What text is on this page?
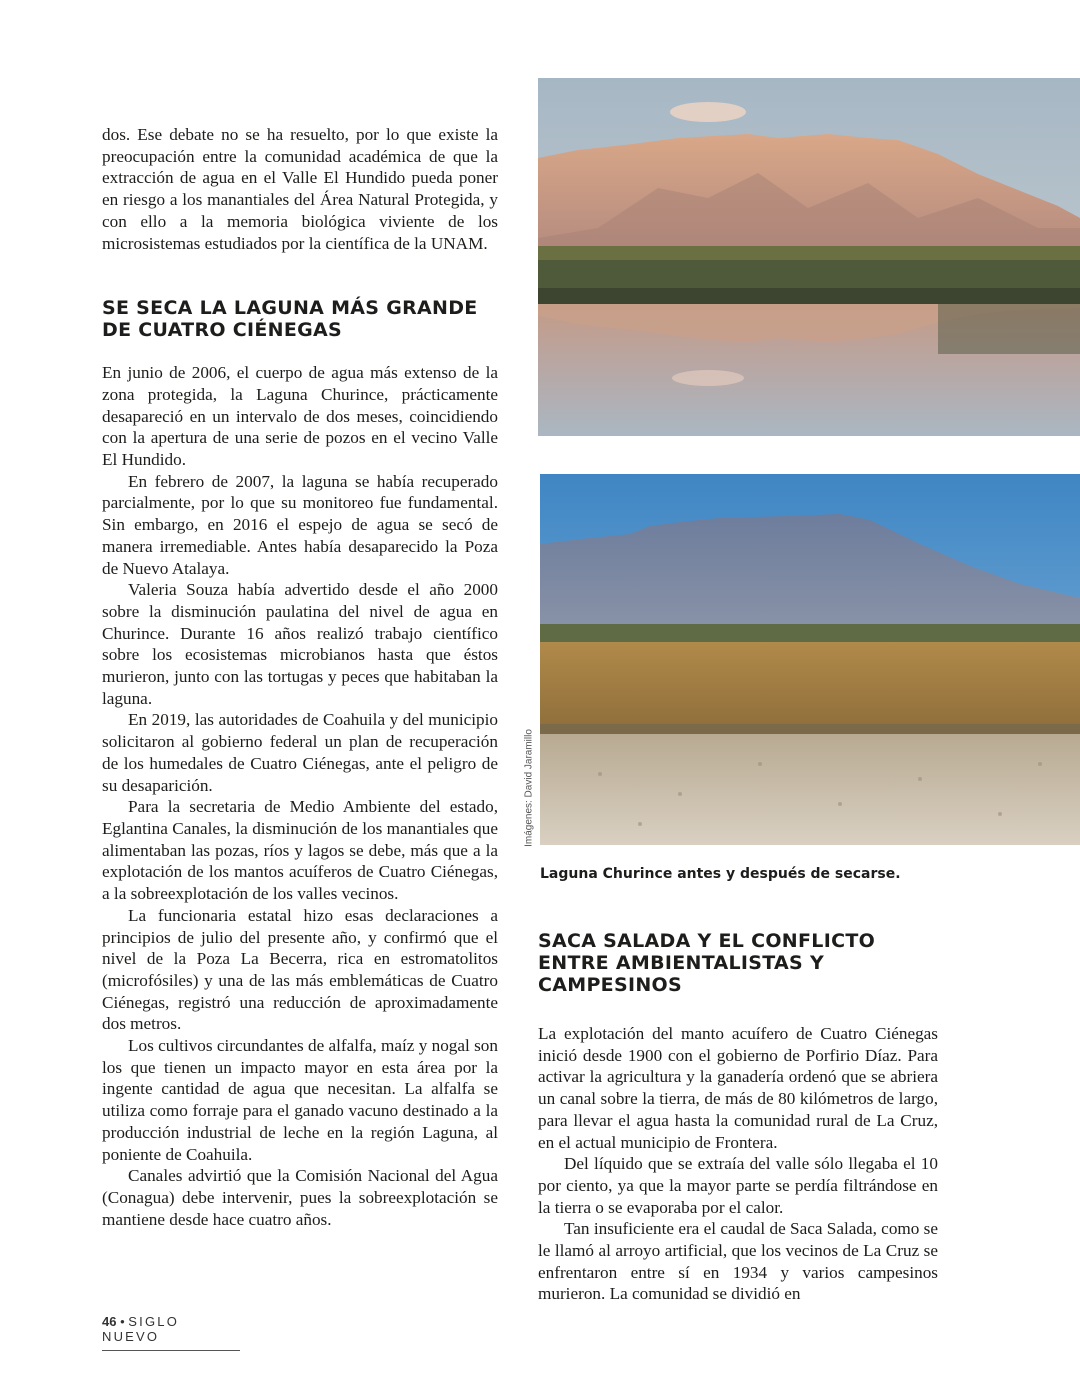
dos. Ese debate no se ha resuelto, por lo que existe la preocupación entre la comunidad académica de que la extracción de agua en el Valle El Hundido pueda poner en riesgo a los manantiales del Área Natural Protegida, y con ello a la memoria biológica viviente de los microsistemas estudiados por la científica de la UNAM.

SE SECA LA LAGUNA MÁS GRANDE DE CUATRO CIÉNEGAS

En junio de 2006, el cuerpo de agua más extenso de la zona protegida, la Laguna Churince, prácticamente desapareció en un intervalo de dos meses, coincidiendo con la apertura de una serie de pozos en el vecino Valle El Hundido.

En febrero de 2007, la laguna se había recuperado parcialmente, por lo que su monitoreo fue fundamental. Sin embargo, en 2016 el espejo de agua se secó de manera irremediable. Antes había desaparecido la Poza de Nuevo Atalaya.

Valeria Souza había advertido desde el año 2000 sobre la disminución paulatina del nivel de agua en Churince. Durante 16 años realizó trabajo científico sobre los ecosistemas microbianos hasta que éstos murieron, junto con las tortugas y peces que habitaban la laguna.

En 2019, las autoridades de Coahuila y del municipio solicitaron al gobierno federal un plan de recuperación de los humedales de Cuatro Ciénegas, ante el peligro de su desaparición.

Para la secretaria de Medio Ambiente del estado, Eglantina Canales, la disminución de los manantiales que alimentaban las pozas, ríos y lagos se debe, más que a la explotación de los mantos acuíferos de Cuatro Ciénegas, a la sobreexplotación de los valles vecinos.

La funcionaria estatal hizo esas declaraciones a principios de julio del presente año, y confirmó que el nivel de la Poza La Becerra, rica en estromatolitos (microfósiles) y una de las más emblemáticas de Cuatro Ciénegas, registró una reducción de aproximadamente dos metros.

Los cultivos circundantes de alfalfa, maíz y nogal son los que tienen un impacto mayor en esta área por la ingente cantidad de agua que necesitan. La alfalfa se utiliza como forraje para el ganado vacuno destinado a la producción industrial de leche en la región Laguna, al poniente de Coahuila.

Canales advirtió que la Comisión Nacional del Agua (Conagua) debe intervenir, pues la sobreexplotación se mantiene desde hace cuatro años.

Imágenes: David Jaramillo
Laguna Churince antes y después de secarse.
SACA SALADA Y EL CONFLICTO ENTRE AMBIENTALISTAS Y CAMPESINOS

La explotación del manto acuífero de Cuatro Ciénegas inició desde 1900 con el gobierno de Porfirio Díaz. Para activar la agricultura y la ganadería ordenó que se abriera un canal sobre la tierra, de más de 80 kilómetros de largo, para llevar el agua hasta la comunidad rural de La Cruz, en el actual municipio de Frontera.

Del líquido que se extraía del valle sólo llegaba el 10 por ciento, ya que la mayor parte se perdía filtrándose en la tierra o se evaporaba por el calor.

Tan insuficiente era el caudal de Saca Salada, como se le llamó al arroyo artificial, que los vecinos de La Cruz se enfrentaron entre sí en 1934 y varios campesinos murieron. La comunidad se dividió en

46 • SIGLO NUEVO
